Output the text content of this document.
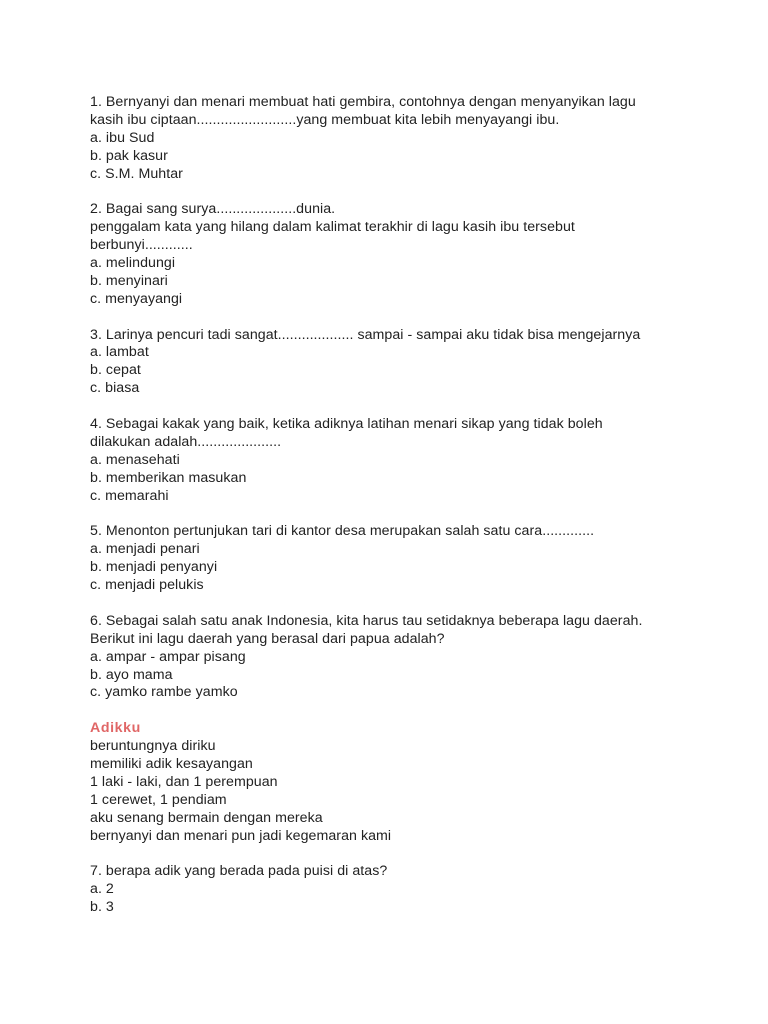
1. Bernyanyi dan menari membuat hati gembira, contohnya dengan menyanyikan lagu
kasih ibu ciptaan.........................yang membuat kita lebih menyayangi ibu.
a. ibu Sud
b. pak kasur
c. S.M. Muhtar
2. Bagai sang surya....................dunia.
penggalam kata yang hilang dalam kalimat terakhir di lagu kasih ibu tersebut
berbunyi............
a. melindungi
b. menyinari
c. menyayangi
3. Larinya pencuri tadi sangat................... sampai - sampai aku tidak bisa mengejarnya
a. lambat
b. cepat
c. biasa
4. Sebagai kakak yang baik, ketika adiknya latihan menari sikap yang tidak boleh
dilakukan adalah.....................
a. menasehati
b. memberikan masukan
c. memarahi
5. Menonton pertunjukan tari di kantor desa merupakan salah satu cara.............
a. menjadi penari
b. menjadi penyanyi
c. menjadi pelukis
6. Sebagai salah satu anak Indonesia, kita harus tau setidaknya beberapa lagu daerah.
Berikut ini lagu daerah yang berasal dari papua adalah?
a. ampar - ampar pisang
b. ayo mama
c. yamko rambe yamko
Adikku
beruntungnya diriku
memiliki adik kesayangan
1 laki - laki, dan 1 perempuan
1 cerewet, 1 pendiam
aku senang bermain dengan mereka
bernyanyi dan menari pun jadi kegemaran kami
7. berapa adik yang berada pada puisi di atas?
a. 2
b. 3
